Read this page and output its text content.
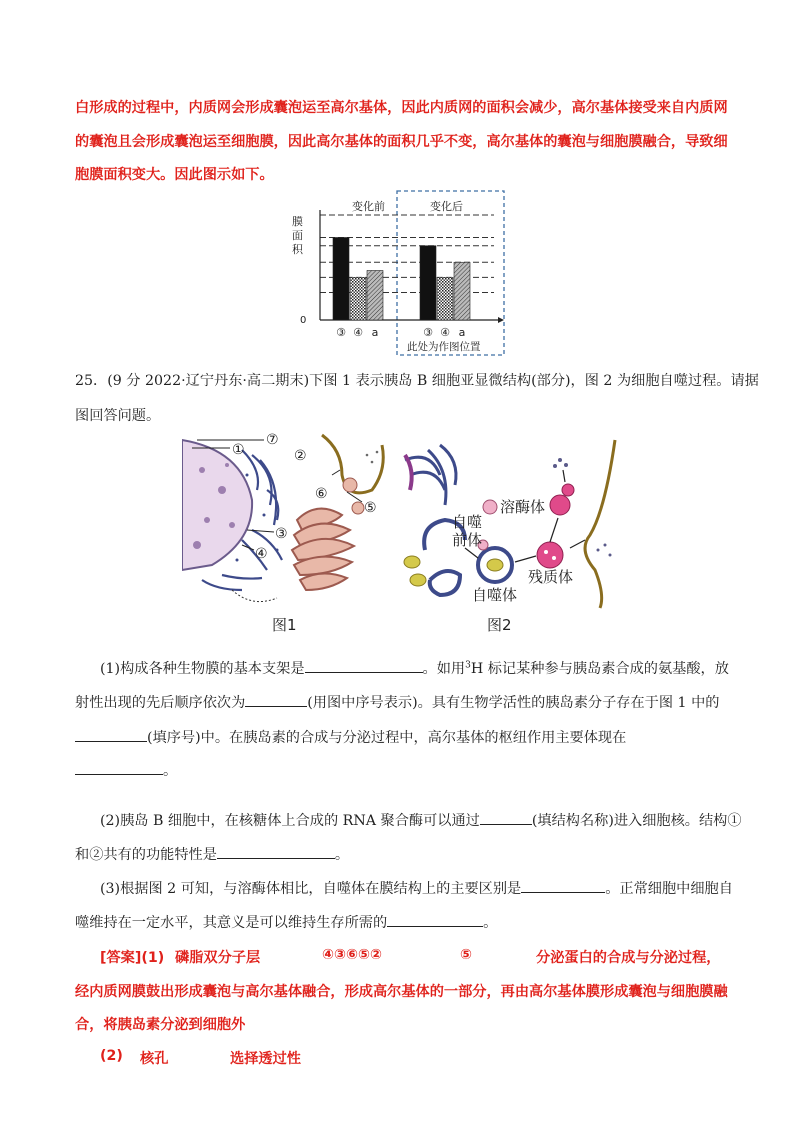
白形成的过程中，内质网会形成囊泡运至高尔基体，因此内质网的面积会减少，高尔基体接受来自内质网
的囊泡且会形成囊泡运至细胞膜，因此高尔基体的面积几乎不变，高尔基体的囊泡与细胞膜融合，导致细
胞膜面积变大。因此图示如下。
变化前	变化后
膜
面
积
0
③ ④ a	③ ④ a
此处为作图位置
25．(9 分 2022·辽宁丹东·高二期末)下图 1 表示胰岛 B 细胞亚显微结构(部分)，图 2 为细胞自噬过程。请据
图回答问题。
⑦
①	②
⑥
⑤
③
④
图1
溶酶体
自噬
前体
自噬体
残质体
图2
(1)构成各种生物膜的基本支架是	。如用$^3$H 标记某种参与胰岛素合成的氨基酸，放
射性出现的先后顺序依次为	(用图中序号表示)。具有生物学活性的胰岛素分子存在于图 1 中的
(填序号)中。在胰岛素的合成与分泌过程中，高尔基体的枢纽作用主要体现在
。
(2)胰岛 B 细胞中，在核糖体上合成的 RNA 聚合酶可以通过	(填结构名称)进入细胞核。结构①
和②共有的功能特性是	。
(3)根据图 2 可知，与溶酶体相比，自噬体在膜结构上的主要区别是	。正常细胞中细胞自
噬维持在一定水平，其意义是可以维持生存所需的	。
[答案](1) 磷脂双分子层	④③⑥⑤②	⑤	分泌蛋白的合成与分泌过程，
经内质网膜鼓出形成囊泡与高尔基体融合，形成高尔基体的一部分，再由高尔基体膜形成囊泡与细胞膜融
合，将胰岛素分泌到细胞外
(2) 核孔	选择透过性
